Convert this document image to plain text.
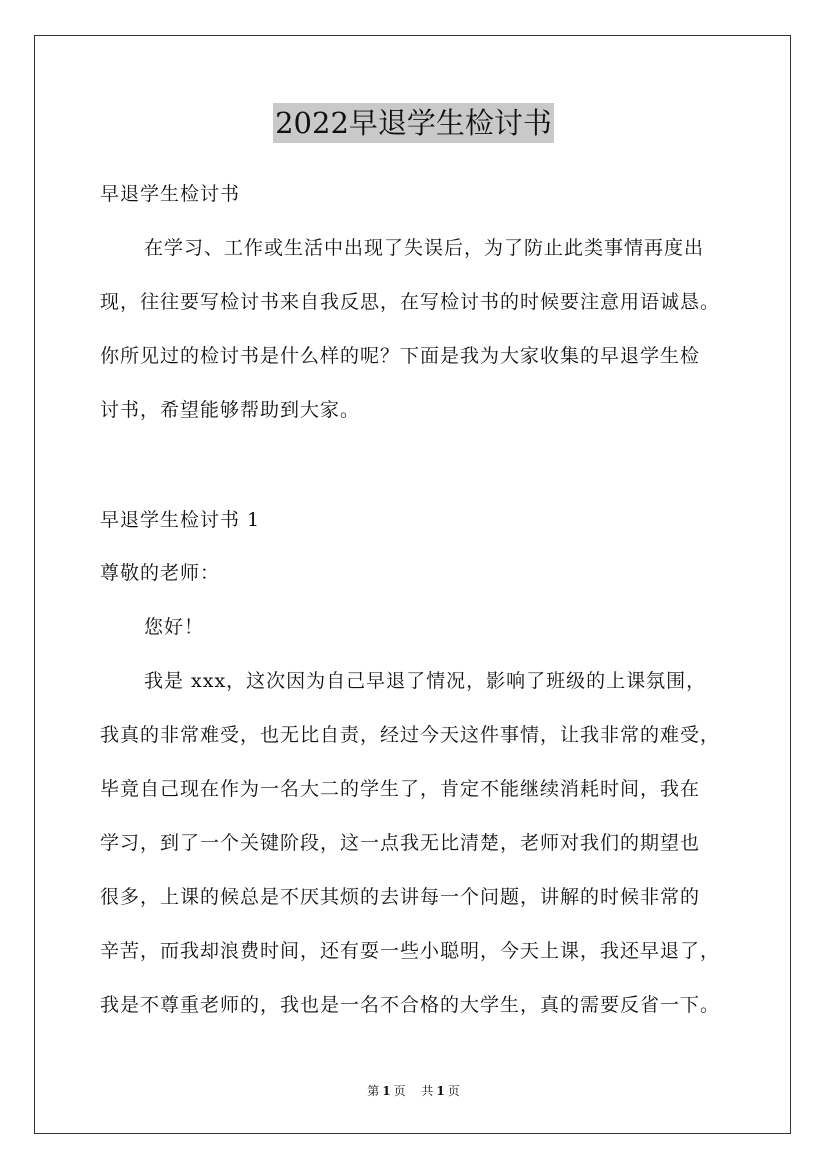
2022早退学生检讨书
早退学生检讨书
在学习、工作或生活中出现了失误后，为了防止此类事情再度出
现，往往要写检讨书来自我反思，在写检讨书的时候要注意用语诚恳。
你所见过的检讨书是什么样的呢？下面是我为大家收集的早退学生检
讨书，希望能够帮助到大家。
早退学生检讨书 1
尊敬的老师：
您好！
我是 xxx，这次因为自己早退了情况，影响了班级的上课氛围，
我真的非常难受，也无比自责，经过今天这件事情，让我非常的难受，
毕竟自己现在作为一名大二的学生了，肯定不能继续消耗时间，我在
学习，到了一个关键阶段，这一点我无比清楚，老师对我们的期望也
很多，上课的候总是不厌其烦的去讲每一个问题，讲解的时候非常的
辛苦，而我却浪费时间，还有耍一些小聪明，今天上课，我还早退了，
我是不尊重老师的，我也是一名不合格的大学生，真的需要反省一下。
第 1 页 共 1 页
